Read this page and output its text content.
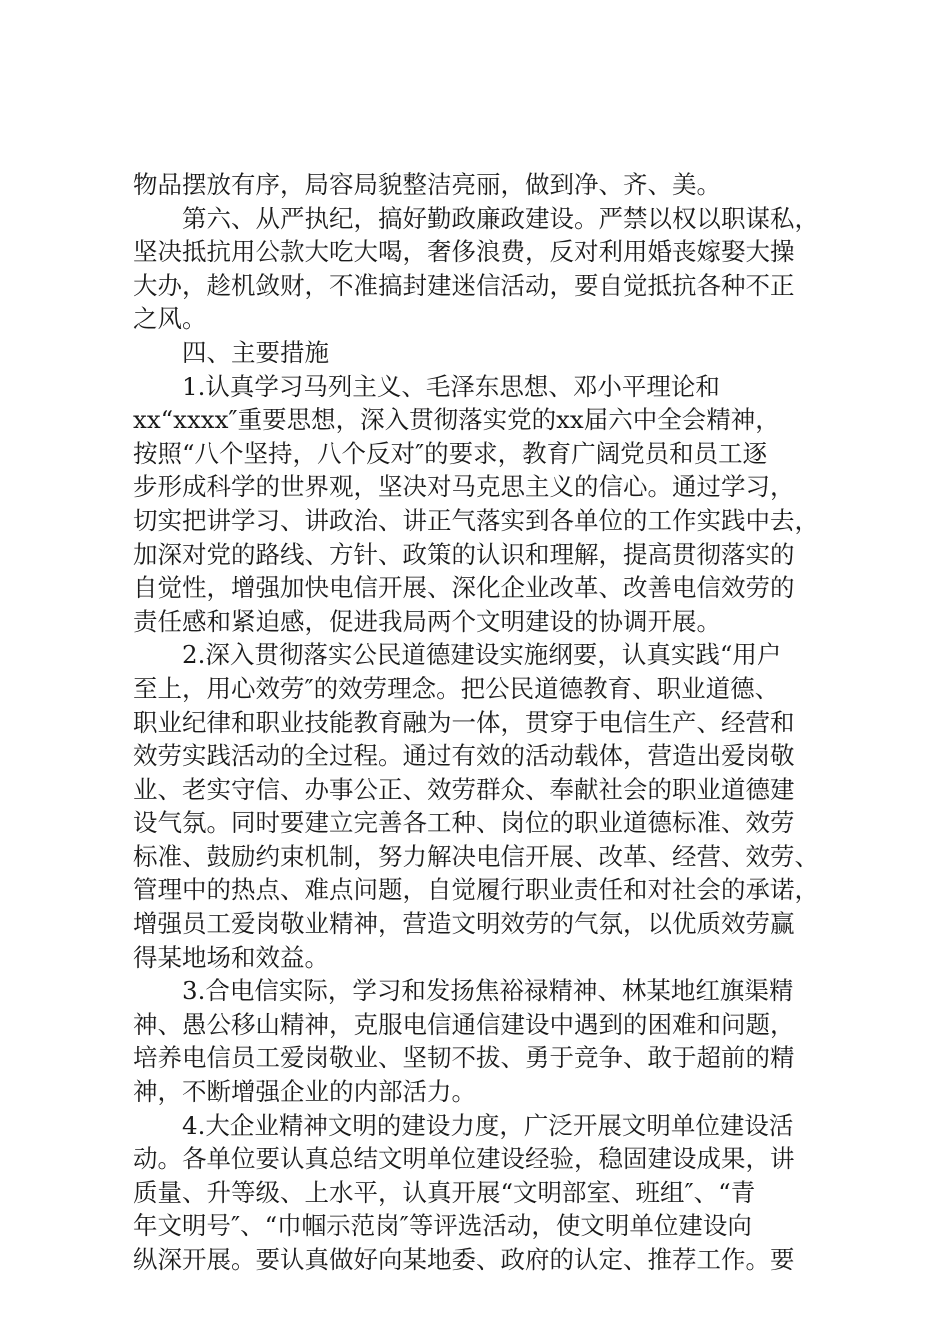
物品摆放有序，局容局貌整洁亮丽，做到净、齐、美。
第六、从严执纪，搞好勤政廉政建设。严禁以权以职谋私，
坚决抵抗用公款大吃大喝，奢侈浪费，反对利用婚丧嫁娶大操
大办，趁机敛财，不准搞封建迷信活动，要自觉抵抗各种不正
之风。
四、主要措施
1.认真学习马列主义、毛泽东思想、邓小平理论和
xx“xxxx″重要思想，深入贯彻落实党的xx届六中全会精神，
按照“八个坚持，八个反对″的要求，教育广阔党员和员工逐
步形成科学的世界观，坚决对马克思主义的信心。通过学习，
切实把讲学习、讲政治、讲正气落实到各单位的工作实践中去，
加深对党的路线、方针、政策的认识和理解，提高贯彻落实的
自觉性，增强加快电信开展、深化企业改革、改善电信效劳的
责任感和紧迫感，促进我局两个文明建设的协调开展。
2.深入贯彻落实公民道德建设实施纲要，认真实践“用户
至上，用心效劳″的效劳理念。把公民道德教育、职业道德、
职业纪律和职业技能教育融为一体，贯穿于电信生产、经营和
效劳实践活动的全过程。通过有效的活动载体，营造出爱岗敬
业、老实守信、办事公正、效劳群众、奉献社会的职业道德建
设气氛。同时要建立完善各工种、岗位的职业道德标准、效劳
标准、鼓励约束机制，努力解决电信开展、改革、经营、效劳、
管理中的热点、难点问题，自觉履行职业责任和对社会的承诺，
增强员工爱岗敬业精神，营造文明效劳的气氛，以优质效劳赢
得某地场和效益。
3.合电信实际，学习和发扬焦裕禄精神、林某地红旗渠精
神、愚公移山精神，克服电信通信建设中遇到的困难和问题，
培养电信员工爱岗敬业、坚韧不拔、勇于竞争、敢于超前的精
神，不断增强企业的内部活力。
4.大企业精神文明的建设力度，广泛开展文明单位建设活
动。各单位要认真总结文明单位建设经验，稳固建设成果，讲
质量、升等级、上水平，认真开展“文明部室、班组″、“青
年文明号″、“巾帼示范岗″等评选活动，使文明单位建设向
纵深开展。要认真做好向某地委、政府的认定、推荐工作。要
